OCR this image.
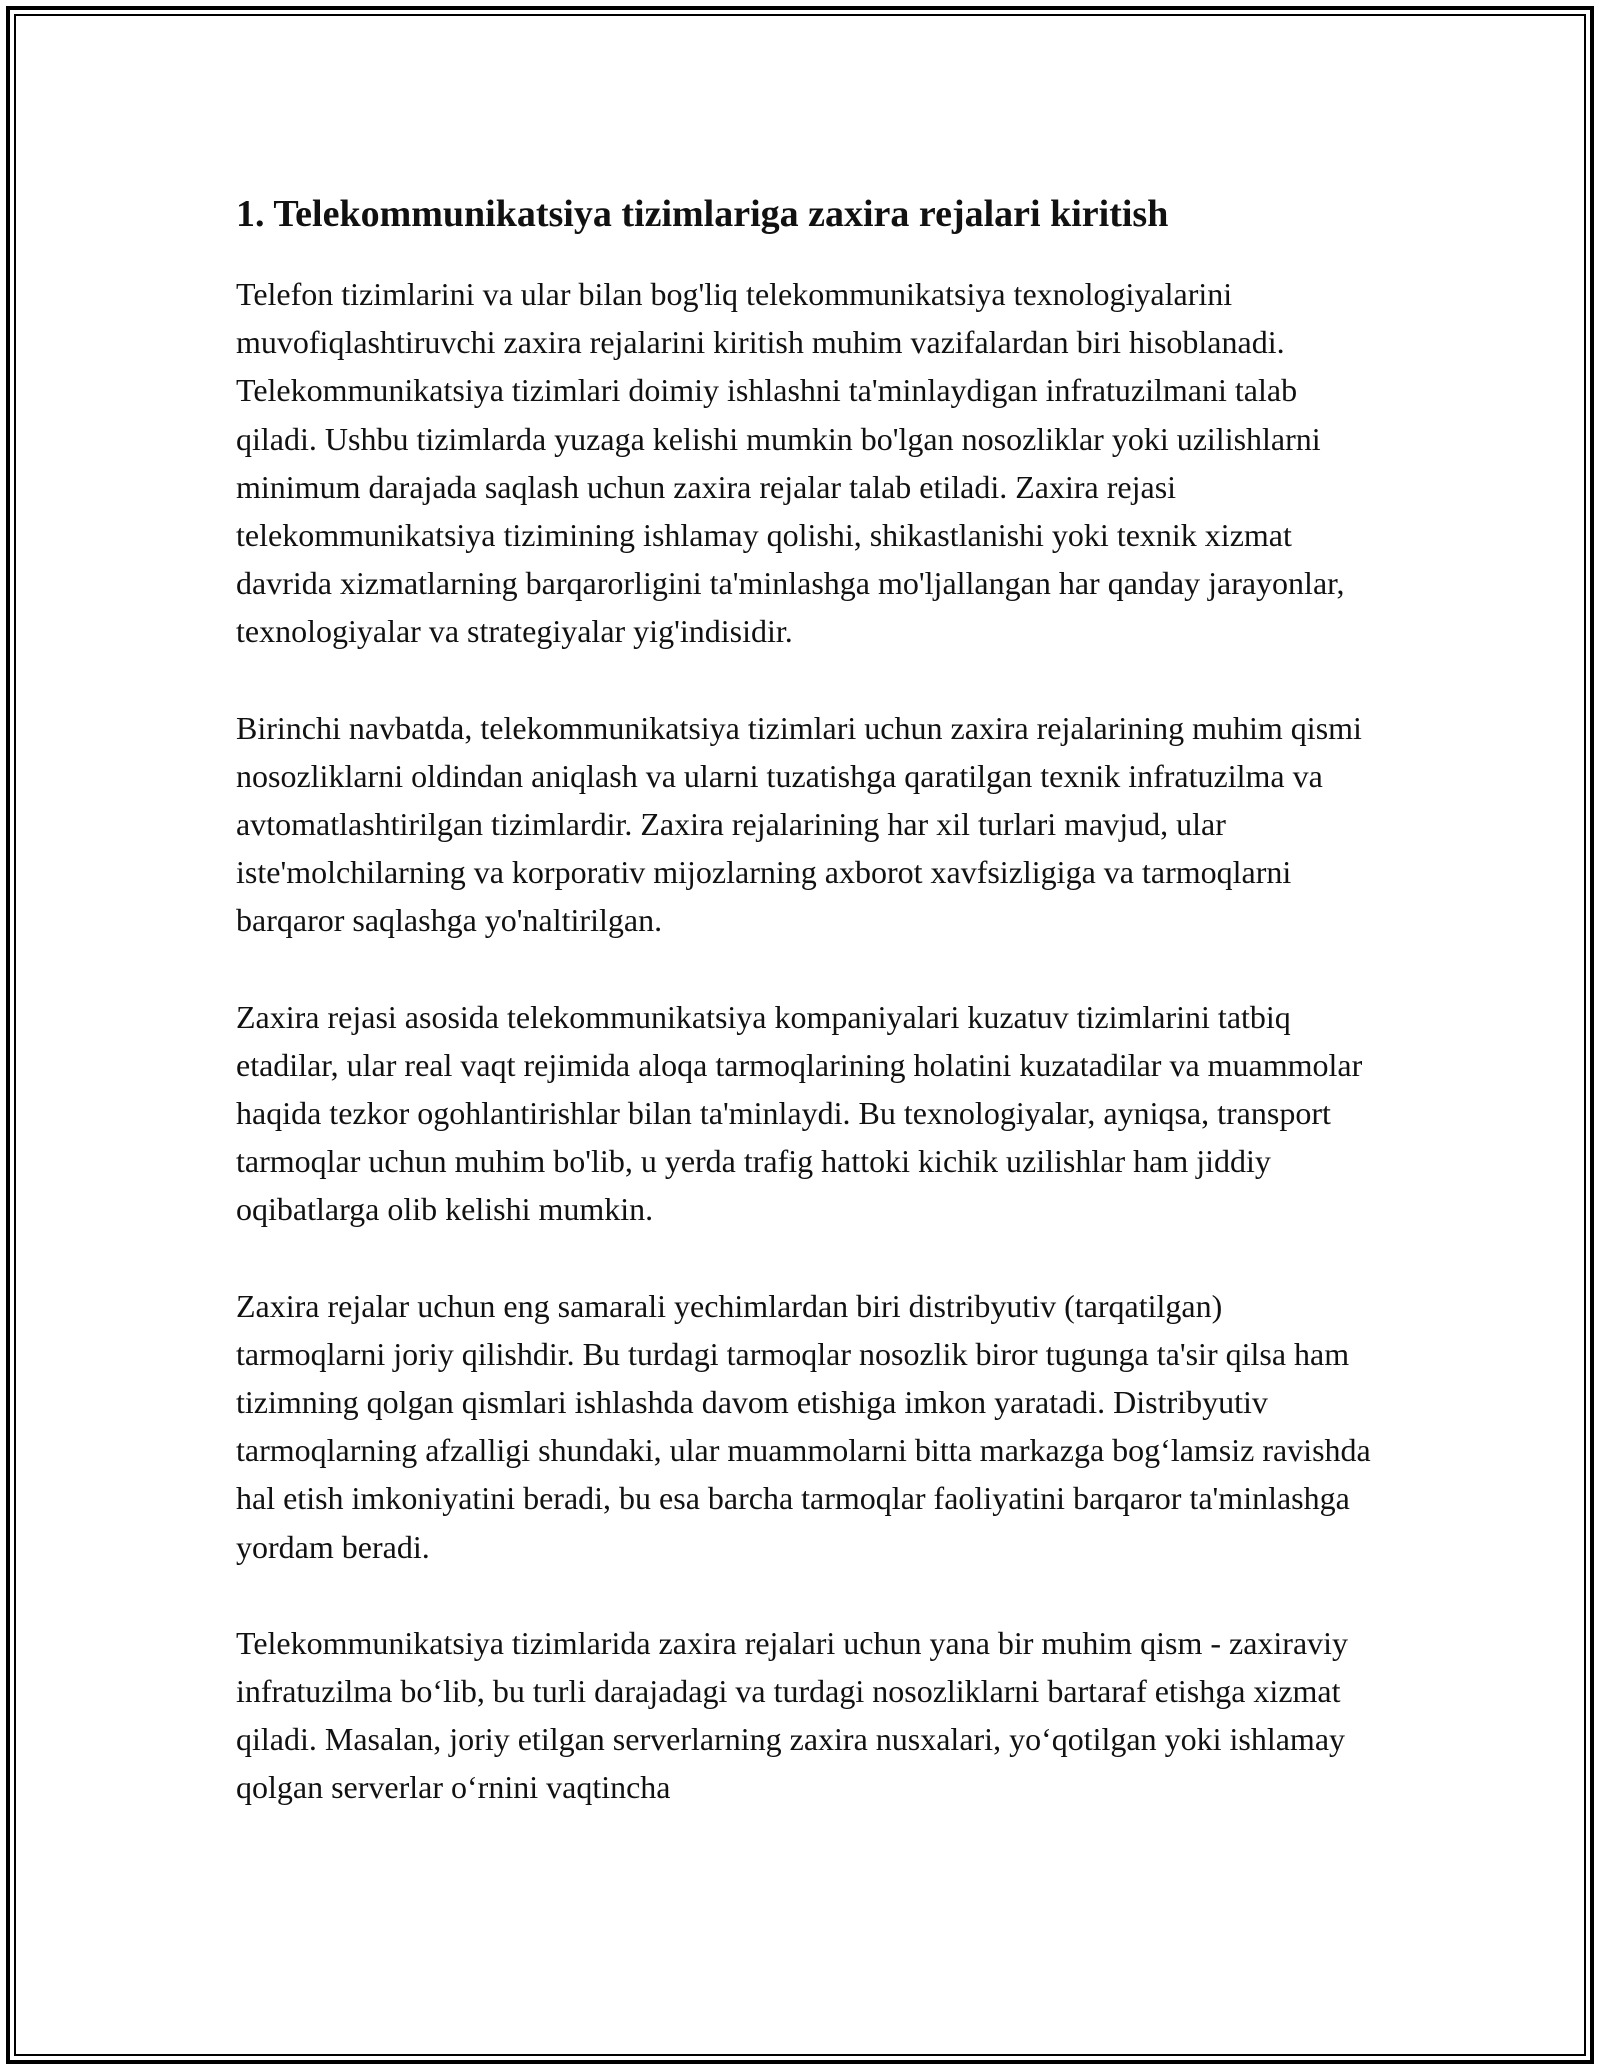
1. Telekommunikatsiya tizimlariga zaxira rejalari kiritish

Telefon tizimlarini va ular bilan bog'liq telekommunikatsiya texnologiyalarini muvofiqlashtiruvchi zaxira rejalarini kiritish muhim vazifalardan biri hisoblanadi. Telekommunikatsiya tizimlari doimiy ishlashni ta'minlaydigan infratuzilmani talab qiladi. Ushbu tizimlarda yuzaga kelishi mumkin bo'lgan nosozliklar yoki uzilishlarni minimum darajada saqlash uchun zaxira rejalar talab etiladi. Zaxira rejasi telekommunikatsiya tizimining ishlamay qolishi, shikastlanishi yoki texnik xizmat davrida xizmatlarning barqarorligini ta'minlashga mo'ljallangan har qanday jarayonlar, texnologiyalar va strategiyalar yig'indisidir.

Birinchi navbatda, telekommunikatsiya tizimlari uchun zaxira rejalarining muhim qismi nosozliklarni oldindan aniqlash va ularni tuzatishga qaratilgan texnik infratuzilma va avtomatlashtirilgan tizimlardir. Zaxira rejalarining har xil turlari mavjud, ular iste'molchilarning va korporativ mijozlarning axborot xavfsizligiga va tarmoqlarni barqaror saqlashga yo'naltirilgan.

Zaxira rejasi asosida telekommunikatsiya kompaniyalari kuzatuv tizimlarini tatbiq etadilar, ular real vaqt rejimida aloqa tarmoqlarining holatini kuzatadilar va muammolar haqida tezkor ogohlantirishlar bilan ta'minlaydi. Bu texnologiyalar, ayniqsa, transport tarmoqlar uchun muhim bo'lib, u yerda trafig hattoki kichik uzilishlar ham jiddiy oqibatlarga olib kelishi mumkin.

Zaxira rejalar uchun eng samarali yechimlardan biri distribyutiv (tarqatilgan) tarmoqlarni joriy qilishdir. Bu turdagi tarmoqlar nosozlik biror tugunga ta'sir qilsa ham tizimning qolgan qismlari ishlashda davom etishiga imkon yaratadi. Distribyutiv tarmoqlarning afzalligi shundaki, ular muammolarni bitta markazga bog‘lamsiz ravishda hal etish imkoniyatini beradi, bu esa barcha tarmoqlar faoliyatini barqaror ta'minlashga yordam beradi.

Telekommunikatsiya tizimlarida zaxira rejalari uchun yana bir muhim qism - zaxiraviy infratuzilma bo‘lib, bu turli darajadagi va turdagi nosozliklarni bartaraf etishga xizmat qiladi. Masalan, joriy etilgan serverlarning zaxira nusxalari, yo‘qotilgan yoki ishlamay qolgan serverlar o‘rnini vaqtincha
